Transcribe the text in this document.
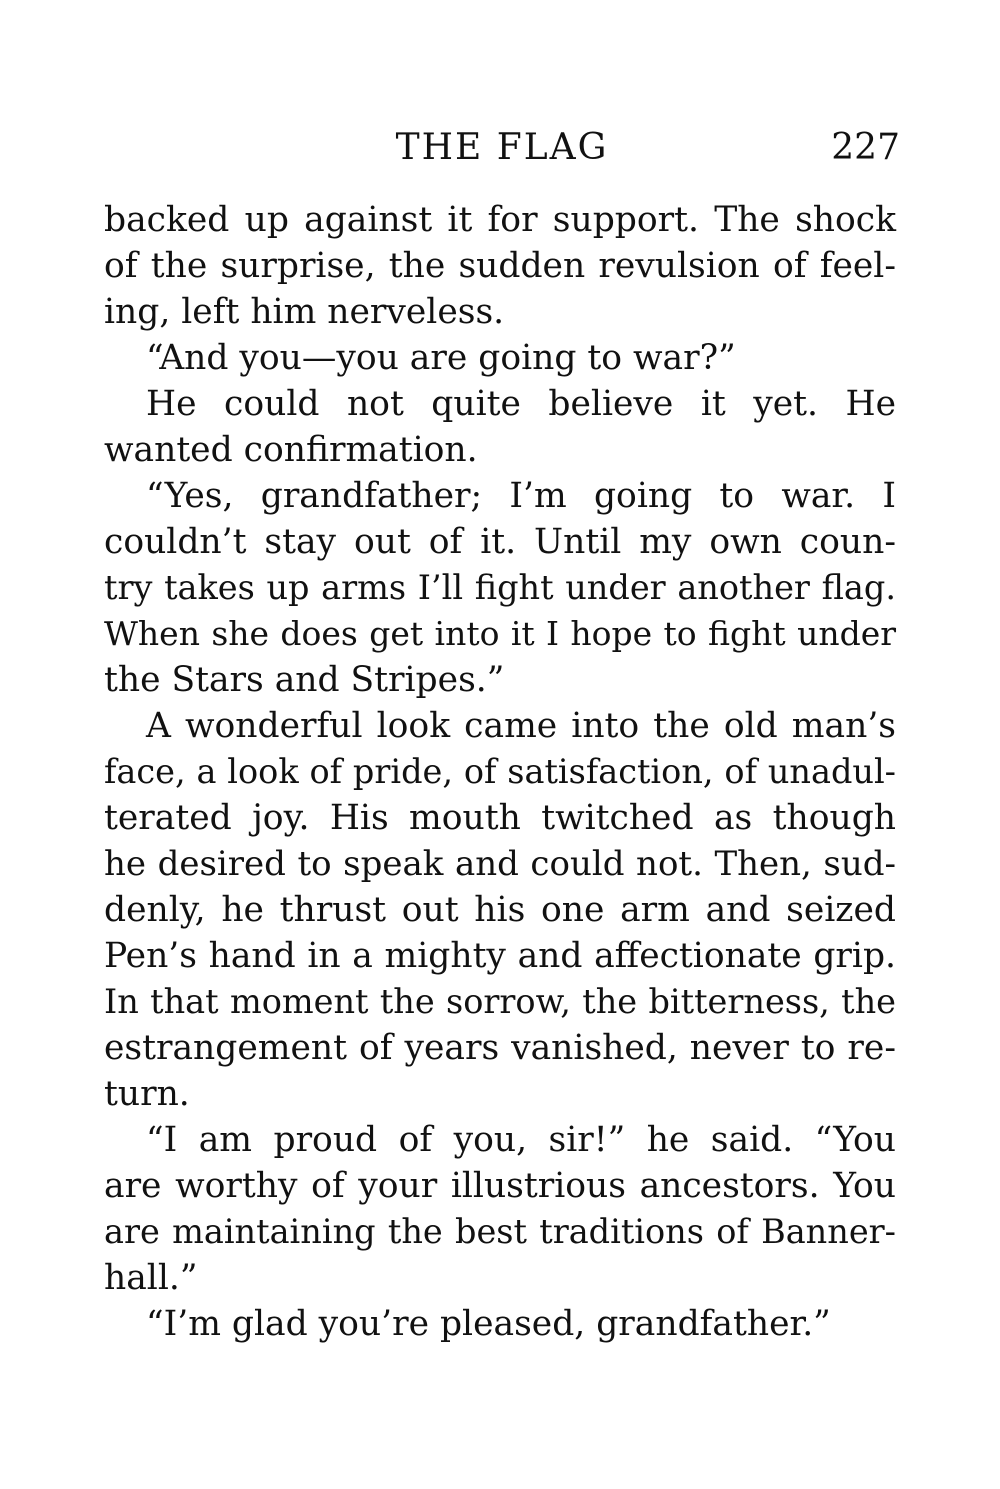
THE FLAG	227
backed up against it for support. The shock
of the surprise, the sudden revulsion of feel-
ing, left him nerveless.
“And you—you are going to war?”
He could not quite believe it yet. He
wanted confirmation.
“Yes, grandfather; I’m going to war. I
couldn’t stay out of it. Until my own coun-
try takes up arms I’ll fight under another flag.
When she does get into it I hope to fight under
the Stars and Stripes.”
A wonderful look came into the old man’s
face, a look of pride, of satisfaction, of unadul-
terated joy. His mouth twitched as though
he desired to speak and could not. Then, sud-
denly, he thrust out his one arm and seized
Pen’s hand in a mighty and affectionate grip.
In that moment the sorrow, the bitterness, the
estrangement of years vanished, never to re-
turn.
“I am proud of you, sir!” he said. “You
are worthy of your illustrious ancestors. You
are maintaining the best traditions of Banner-
hall.”
“I’m glad you’re pleased, grandfather.”
